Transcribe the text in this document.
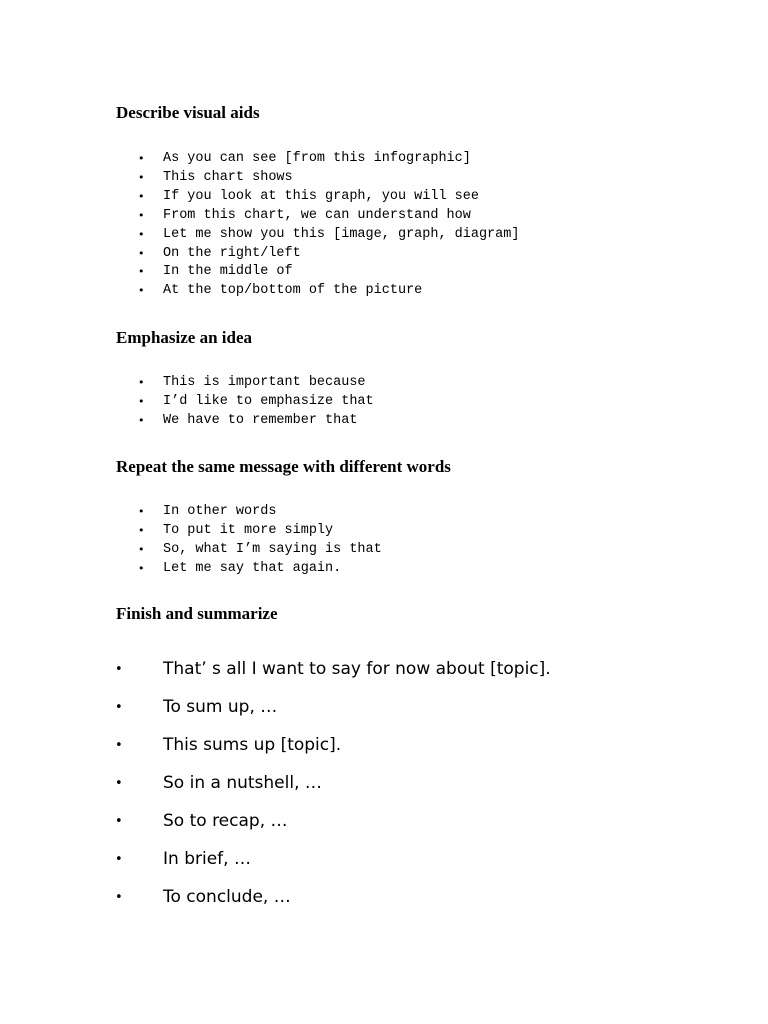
Describe visual aids
• As you can see [from this infographic]
• This chart shows
• If you look at this graph, you will see
• From this chart, we can understand how
• Let me show you this [image, graph, diagram]
• On the right/left
• In the middle of
• At the top/bottom of the picture
Emphasize an idea
• This is important because
• I’d like to emphasize that
• We have to remember that
Repeat the same message with different words
• In other words
• To put it more simply
• So, what I’m saying is that
• Let me say that again.
Finish and summarize
• That’ s all I want to say for now about [topic].
• To sum up, …
• This sums up [topic].
• So in a nutshell, …
• So to recap, …
• In brief, …
• To conclude, …
